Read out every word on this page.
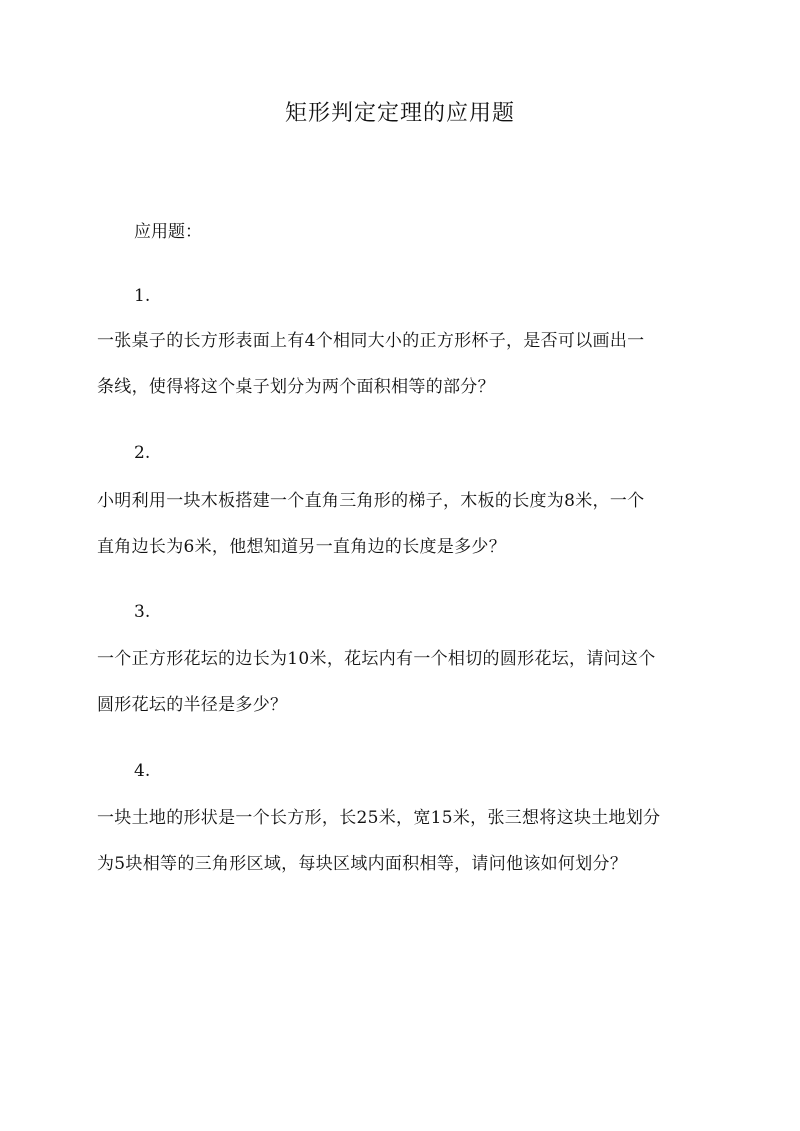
矩形判定定理的应用题
应用题：
1.
一张桌子的长方形表面上有4个相同大小的正方形杯子，是否可以画出一
条线，使得将这个桌子划分为两个面积相等的部分？
2.
小明利用一块木板搭建一个直角三角形的梯子，木板的长度为8米，一个
直角边长为6米，他想知道另一直角边的长度是多少？
3.
一个正方形花坛的边长为10米，花坛内有一个相切的圆形花坛，请问这个
圆形花坛的半径是多少？
4.
一块土地的形状是一个长方形，长25米，宽15米，张三想将这块土地划分
为5块相等的三角形区域，每块区域内面积相等，请问他该如何划分？
